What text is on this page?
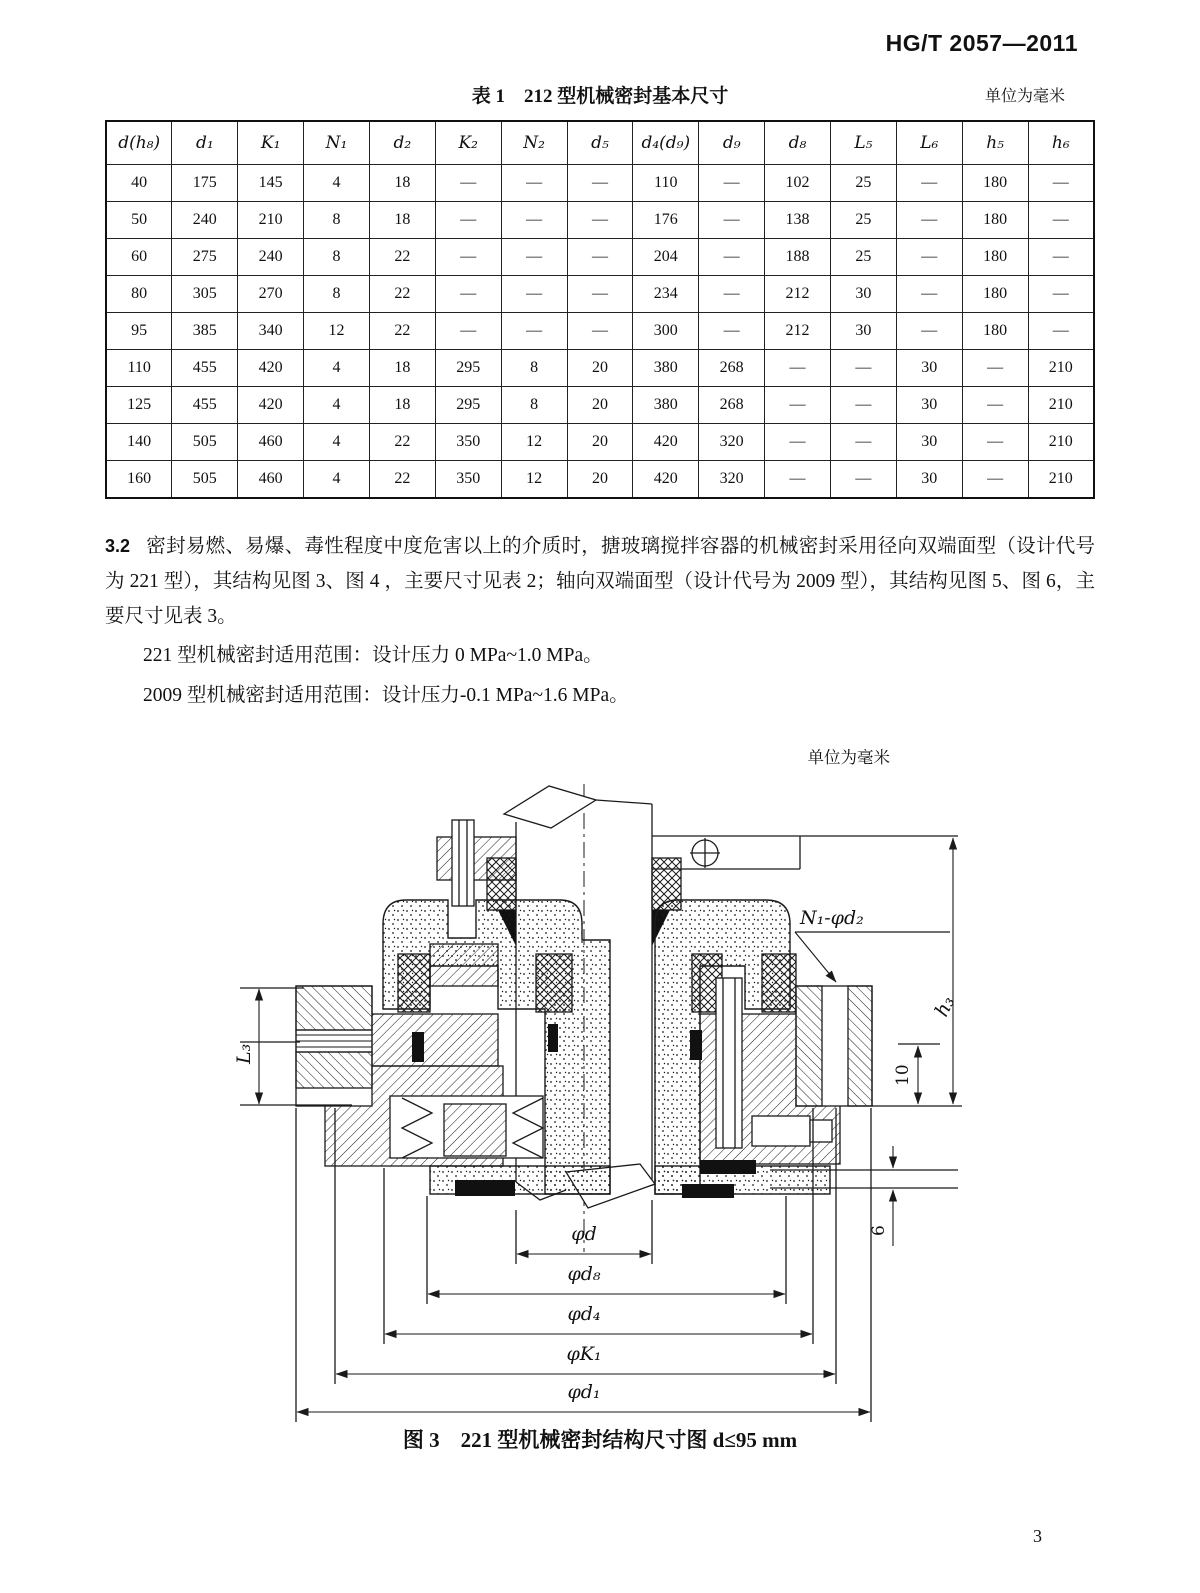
HG/T 2057—2011
表 1　212 型机械密封基本尺寸	单位为毫米
d(h₈)	d₁	K₁	N₁	d₂	K₂	N₂	d₅	d₄(d₉)	d₉	d₈	L₅	L₆	h₅	h₆
40	175	145	4	18	—	—	—	110	—	102	25	—	180	—
50	240	210	8	18	—	—	—	176	—	138	25	—	180	—
60	275	240	8	22	—	—	—	204	—	188	25	—	180	—
80	305	270	8	22	—	—	—	234	—	212	30	—	180	—
95	385	340	12	22	—	—	—	300	—	212	30	—	180	—
110	455	420	4	18	295	8	20	380	268	—	—	30	—	210
125	455	420	4	18	295	8	20	380	268	—	—	30	—	210
140	505	460	4	22	350	12	20	420	320	—	—	30	—	210
160	505	460	4	22	350	12	20	420	320	—	—	30	—	210
3.2 密封易燃、易爆、毒性程度中度危害以上的介质时，搪玻璃搅拌容器的机械密封采用径向双端面型（设计代号为 221 型），其结构见图 3、图 4 ，主要尺寸见表 2；轴向双端面型（设计代号为 2009 型），其结构见图 5、图 6，主要尺寸见表 3。
221 型机械密封适用范围：设计压力 0 MPa~1.0 MPa。
2009 型机械密封适用范围：设计压力-0.1 MPa~1.6 MPa。
单位为毫米
L₃
h₃
10
6
N₁-φd₂
φd
φd₈
φd₄
φK₁
φd₁
图 3　221 型机械密封结构尺寸图 d≤95 mm
3
